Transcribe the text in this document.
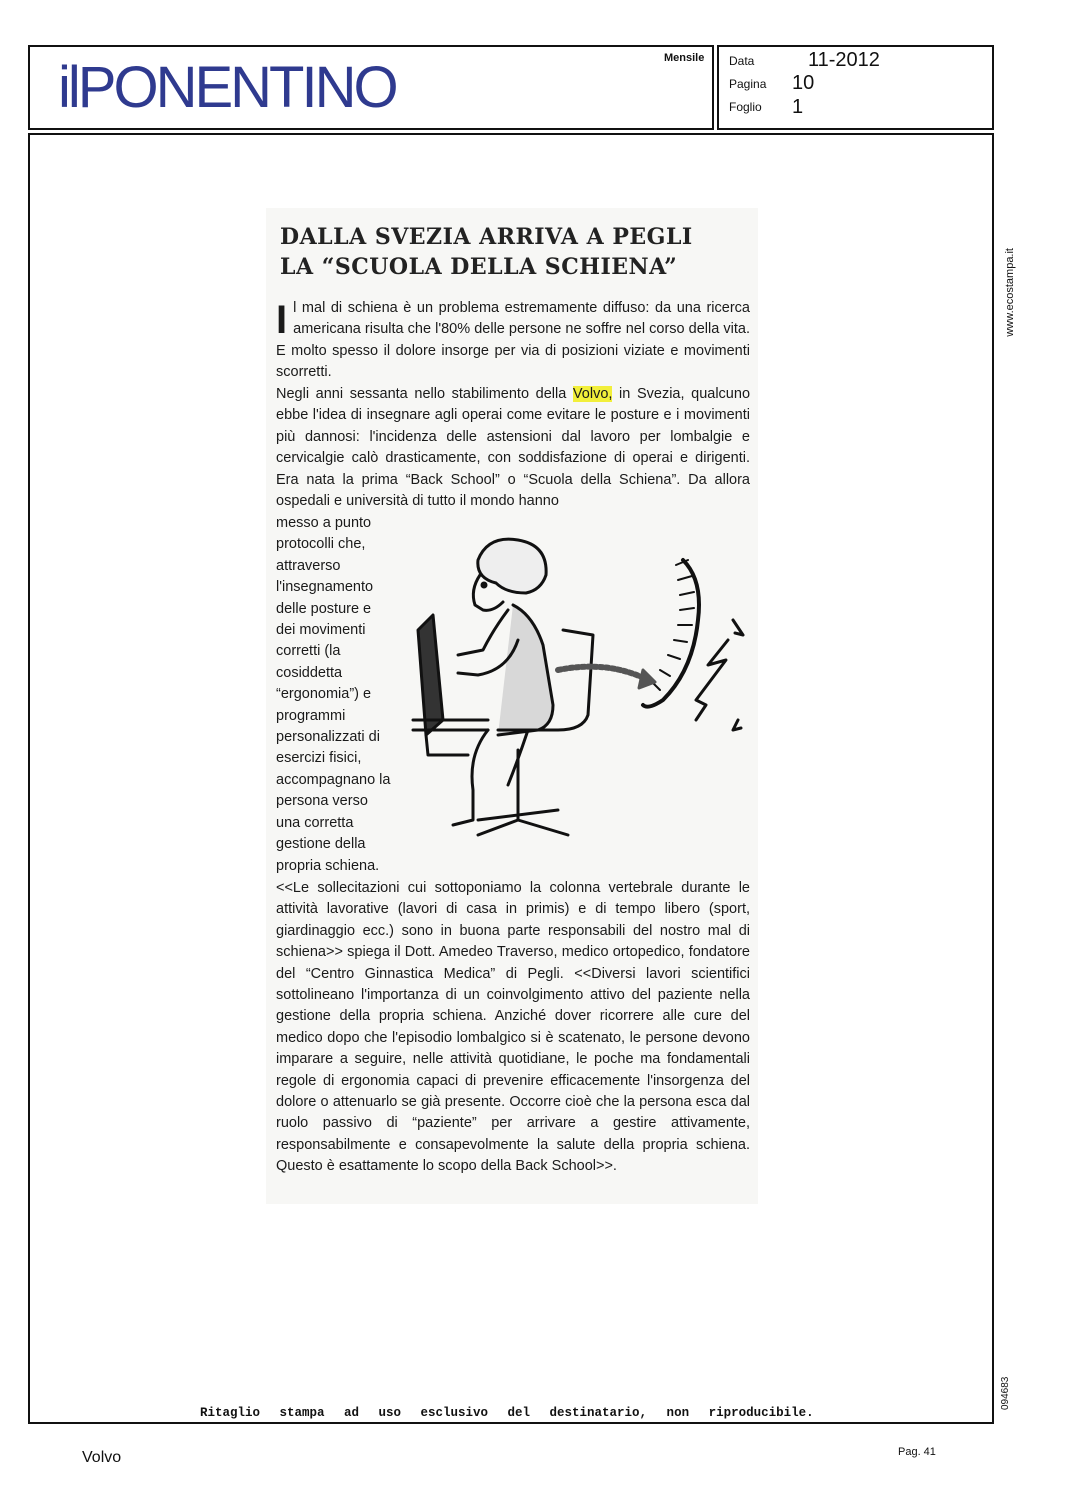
ilPONENTINO	Mensile Data	11-2012
Pagina 10
Foglio 1
www.ecostampa.it
094683
DALLA SVEZIA ARRIVA A PEGLI
LA “SCUOLA DELLA SCHIENA”

Il mal di schiena è un problema estremamente diffuso: da una ricerca americana risulta che l'80% delle persone ne soffre nel corso della vita. E molto spesso il dolore insorge per via di posizioni viziate e movimenti scorretti.

Negli anni sessanta nello stabilimento della Volvo, in Svezia, qualcuno ebbe l'idea di insegnare agli operai come evitare le posture e i movimenti più dannosi: l'incidenza delle astensioni dal lavoro per lombalgie e cervicalgie calò drasticamente, con soddisfazione di operai e dirigenti. Era nata la prima “Back School” o “Scuola della Schiena”. Da allora ospedali e università di tutto il mondo hanno

messo a punto protocolli che, attraverso l'insegnamento delle posture e dei movimenti corretti (la cosiddetta “ergonomia”) e programmi personalizzati di esercizi fisici, accompagnano la persona verso una corretta gestione della propria schiena.

<<Le sollecitazioni cui sottoponiamo la colonna vertebrale durante le attività lavorative (lavori di casa in primis) e di tempo libero (sport, giardinaggio ecc.) sono in buona parte responsabili del nostro mal di schiena>> spiega il Dott. Amedeo Traverso, medico ortopedico, fondatore del “Centro Ginnastica Medica” di Pegli. <<Diversi lavori scientifici sottolineano l'importanza di un coinvolgimento attivo del paziente nella gestione della propria schiena. Anziché dover ricorrere alle cure del medico dopo che l'episodio lombalgico si è scatenato, le persone devono imparare a seguire, nelle attività quotidiane, le poche ma fondamentali regole di ergonomia capaci di prevenire efficacemente l'insorgenza del dolore o attenuarlo se già presente. Occorre cioè che la persona esca dal ruolo passivo di “paziente” per arrivare a gestire attivamente, responsabilmente e consapevolmente la salute della propria schiena. Questo è esattamente lo scopo della Back School>>.

Ritaglio stampa ad uso esclusivo del destinatario, non riproducibile.
Volvo	Pag. 41
